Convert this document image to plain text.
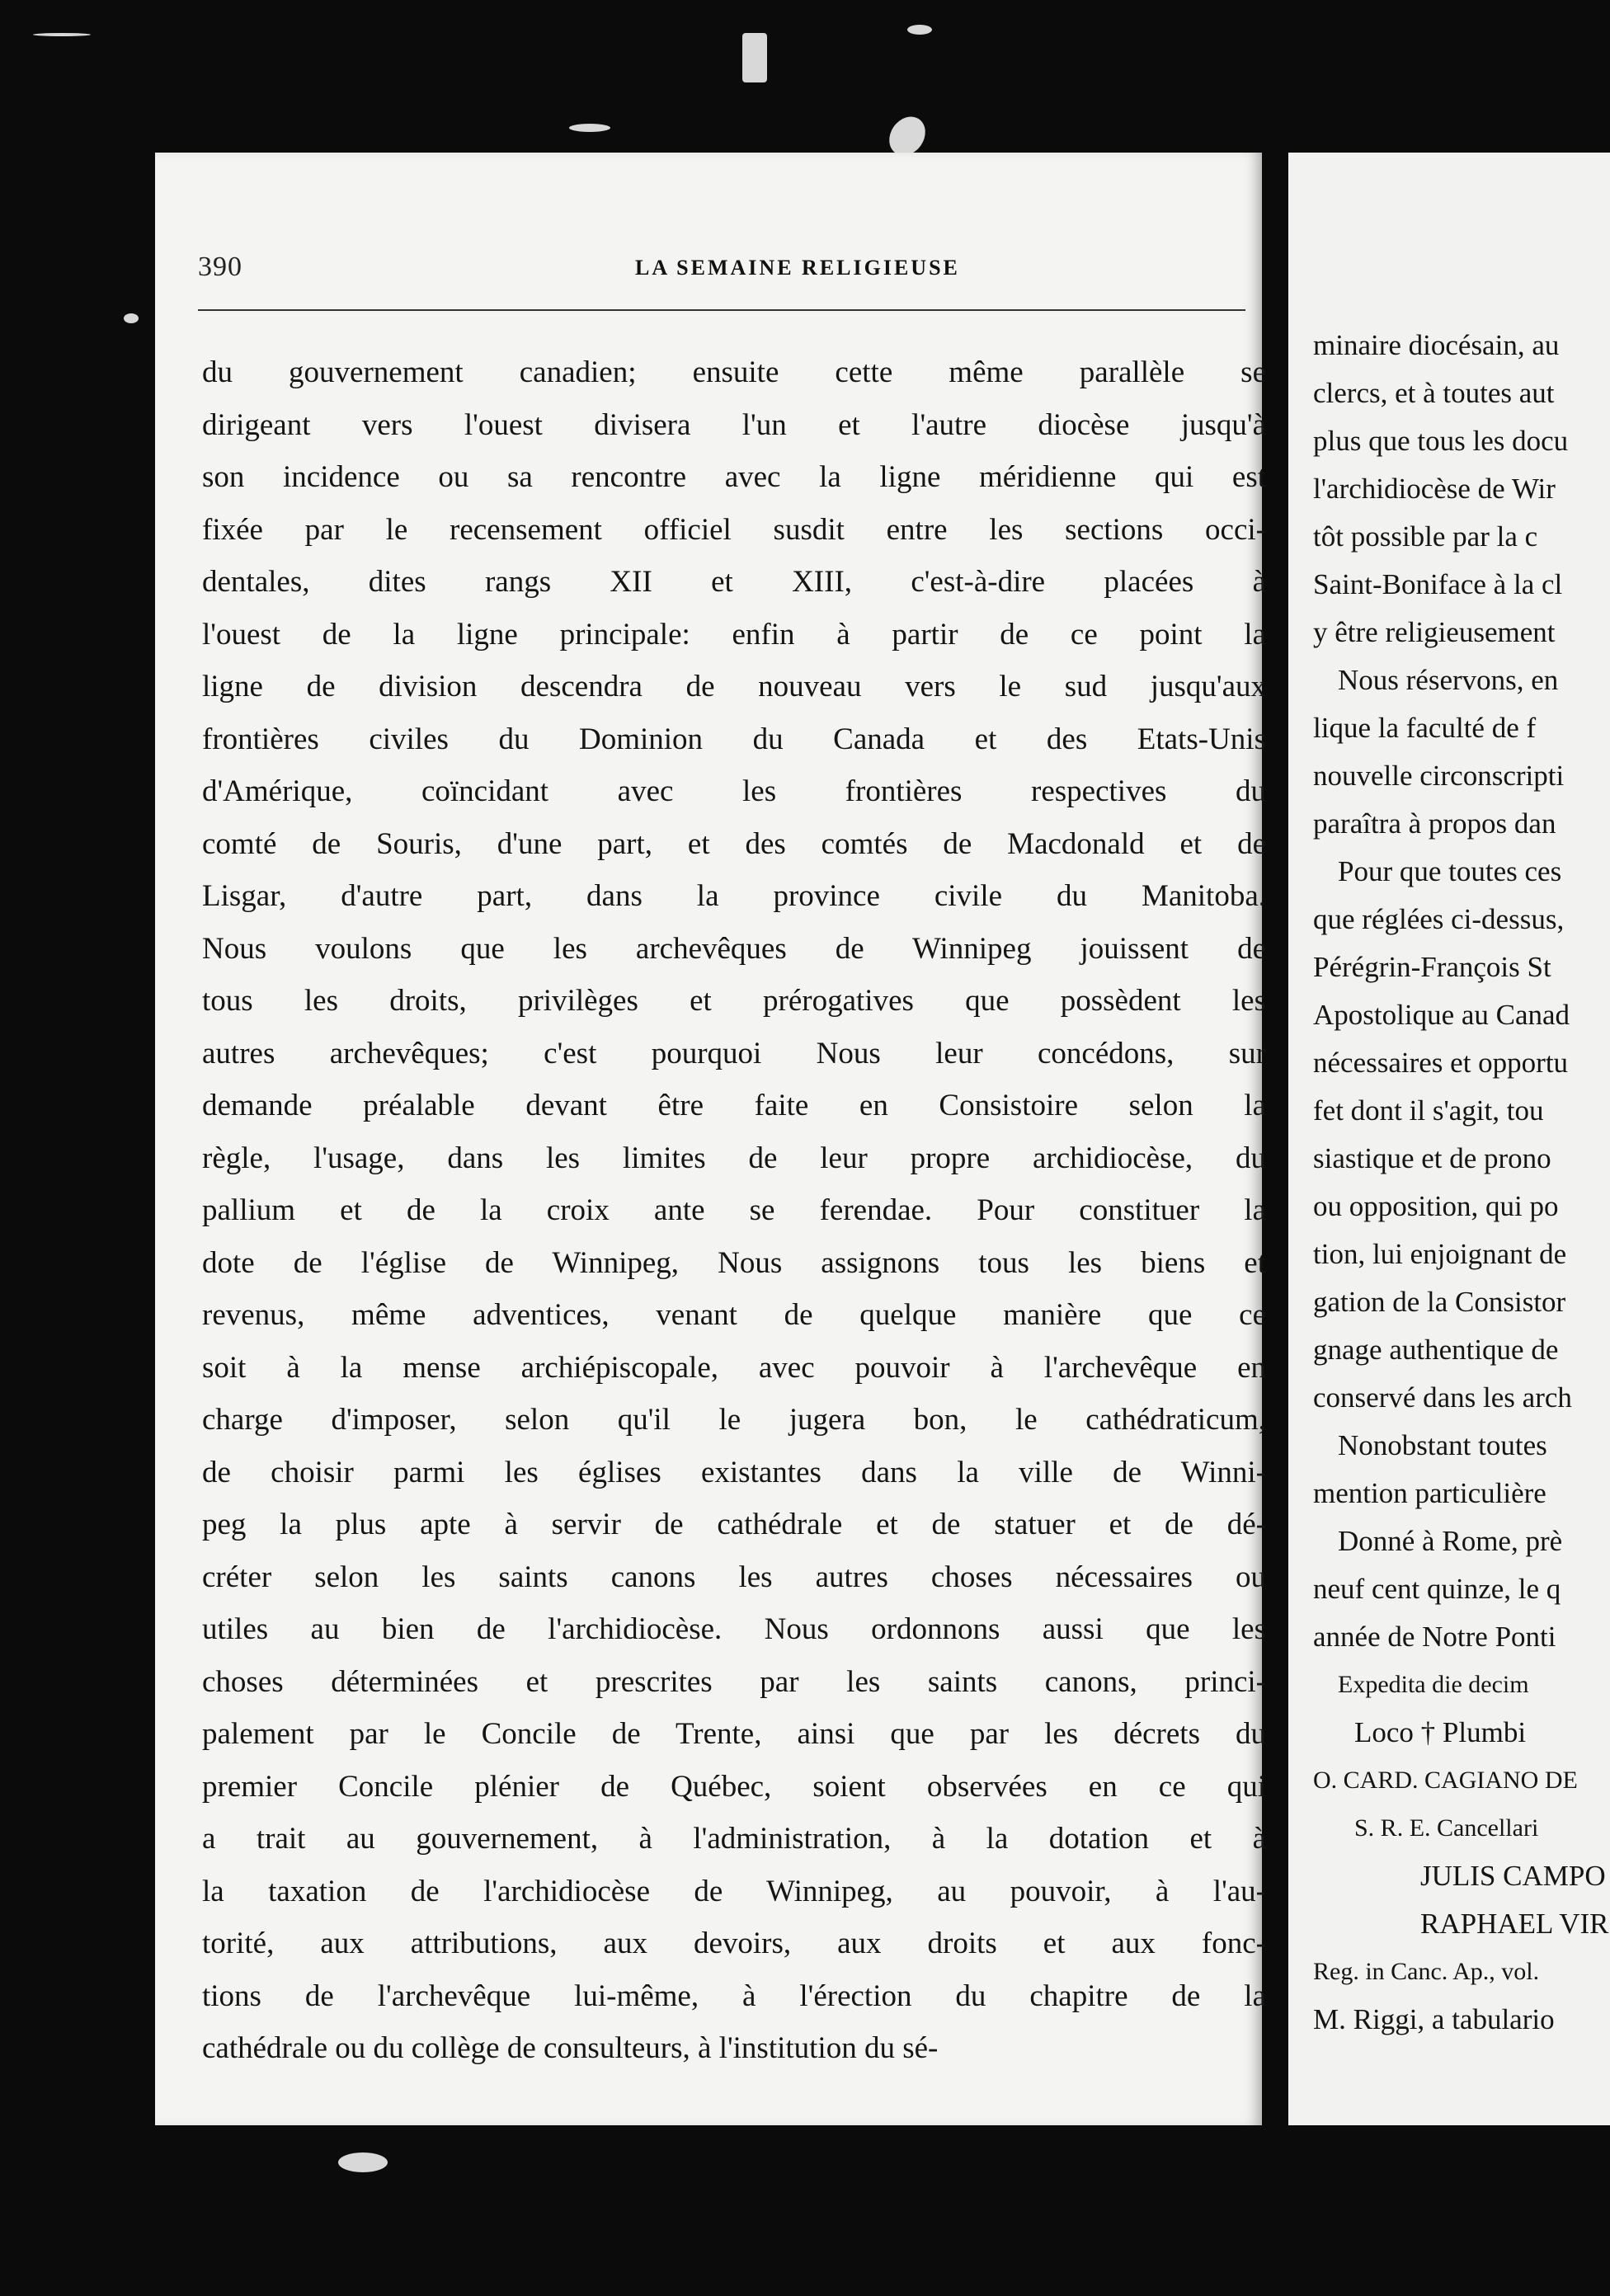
390	LA SEMAINE RELIGIEUSE
du gouvernement canadien; ensuite cette même parallèle se
dirigeant vers l'ouest divisera l'un et l'autre diocèse jusqu'à
son incidence ou sa rencontre avec la ligne méridienne qui est
fixée par le recensement officiel susdit entre les sections occi-
dentales, dites rangs XII et XIII, c'est-à-dire placées à
l'ouest de la ligne principale: enfin à partir de ce point la
ligne de division descendra de nouveau vers le sud jusqu'aux
frontières civiles du Dominion du Canada et des Etats-Unis
d'Amérique, coïncidant avec les frontières respectives du
comté de Souris, d'une part, et des comtés de Macdonald et de
Lisgar, d'autre part, dans la province civile du Manitoba.
Nous voulons que les archevêques de Winnipeg jouissent de
tous les droits, privilèges et prérogatives que possèdent les
autres archevêques; c'est pourquoi Nous leur concédons, sur
demande préalable devant être faite en Consistoire selon la
règle, l'usage, dans les limites de leur propre archidiocèse, du
pallium et de la croix ante se ferendae. Pour constituer la
dote de l'église de Winnipeg, Nous assignons tous les biens et
revenus, même adventices, venant de quelque manière que ce
soit à la mense archiépiscopale, avec pouvoir à l'archevêque en
charge d'imposer, selon qu'il le jugera bon, le cathédraticum,
de choisir parmi les églises existantes dans la ville de Winni-
peg la plus apte à servir de cathédrale et de statuer et de dé-
créter selon les saints canons les autres choses nécessaires ou
utiles au bien de l'archidiocèse. Nous ordonnons aussi que les
choses déterminées et prescrites par les saints canons, princi-
palement par le Concile de Trente, ainsi que par les décrets du
premier Concile plénier de Québec, soient observées en ce qui
a trait au gouvernement, à l'administration, à la dotation et à
la taxation de l'archidiocèse de Winnipeg, au pouvoir, à l'au-
torité, aux attributions, aux devoirs, aux droits et aux fonc-
tions de l'archevêque lui-même, à l'érection du chapitre de la
cathédrale ou du collège de consulteurs, à l'institution du sé-
minaire diocésain, au
clercs, et à toutes aut
plus que tous les docu
l'archidiocèse de Wir
tôt possible par la c
Saint-Boniface à la cl
y être religieusement
Nous réservons, en
lique la faculté de f
nouvelle circonscripti
paraîtra à propos dan
Pour que toutes ces
que réglées ci-dessus,
Pérégrin-François St
Apostolique au Canad
nécessaires et opportu
fet dont il s'agit, tou
siastique et de prono
ou opposition, qui po
tion, lui enjoignant de
gation de la Consistor
gnage authentique de
conservé dans les arch
Nonobstant toutes
mention particulière
Donné à Rome, prè
neuf cent quinze, le q
année de Notre Ponti
Expedita die decim
Loco † Plumbi
O. CARD. CAGIANO DE
S. R. E. Cancellari
JULIS CAMPO
RAPHAEL VIR
Reg. in Canc. Ap., vol.
M. Riggi, a tabulario
